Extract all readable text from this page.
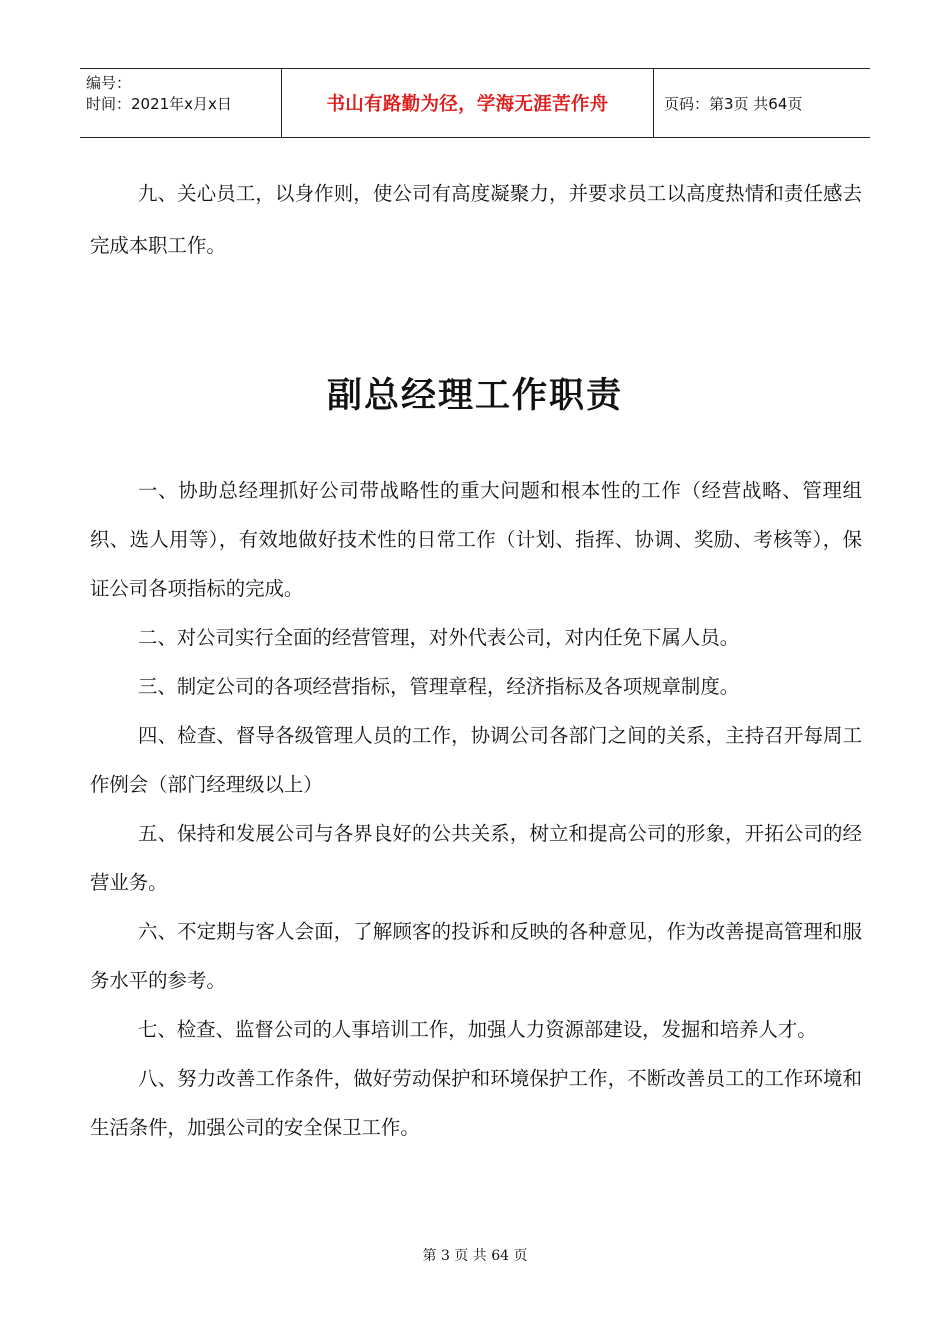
编号：
时间：2021年x月x日	书山有路勤为径，学海无涯苦作舟	页码：第3页 共64页

九、关心员工，以身作则，使公司有高度凝聚力，并要求员工以高度热情和责任感去完成本职工作。

副总经理工作职责

一、协助总经理抓好公司带战略性的重大问题和根本性的工作（经营战略、管理组织、选人用等），有效地做好技术性的日常工作（计划、指挥、协调、奖励、考核等），保证公司各项指标的完成。

二、对公司实行全面的经营管理，对外代表公司，对内任免下属人员。

三、制定公司的各项经营指标，管理章程，经济指标及各项规章制度。

四、检查、督导各级管理人员的工作，协调公司各部门之间的关系，主持召开每周工作例会（部门经理级以上）

五、保持和发展公司与各界良好的公共关系，树立和提高公司的形象，开拓公司的经营业务。

六、不定期与客人会面，了解顾客的投诉和反映的各种意见，作为改善提高管理和服务水平的参考。

七、检查、监督公司的人事培训工作，加强人力资源部建设，发掘和培养人才。

八、努力改善工作条件，做好劳动保护和环境保护工作，不断改善员工的工作环境和生活条件，加强公司的安全保卫工作。

第 3 页 共 64 页
